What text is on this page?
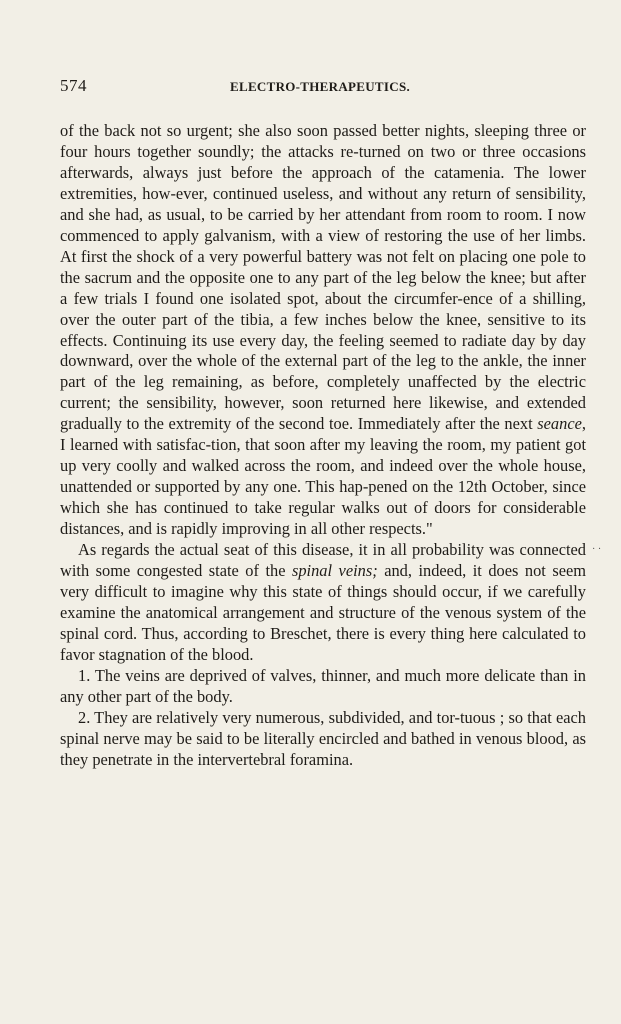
574	ELECTRO-THERAPEUTICS.

of the back not so urgent; she also soon passed better nights, sleeping three or four hours together soundly; the attacks re-turned on two or three occasions afterwards, always just before the approach of the catamenia. The lower extremities, how-ever, continued useless, and without any return of sensibility, and she had, as usual, to be carried by her attendant from room to room. I now commenced to apply galvanism, with a view of restoring the use of her limbs. At first the shock of a very powerful battery was not felt on placing one pole to the sacrum and the opposite one to any part of the leg below the knee; but after a few trials I found one isolated spot, about the circumfer-ence of a shilling, over the outer part of the tibia, a few inches below the knee, sensitive to its effects. Continuing its use every day, the feeling seemed to radiate day by day downward, over the whole of the external part of the leg to the ankle, the inner part of the leg remaining, as before, completely unaffected by the electric current; the sensibility, however, soon returned here likewise, and extended gradually to the extremity of the second toe. Immediately after the next seance, I learned with satisfac-tion, that soon after my leaving the room, my patient got up very coolly and walked across the room, and indeed over the whole house, unattended or supported by any one. This hap-pened on the 12th October, since which she has continued to take regular walks out of doors for considerable distances, and is rapidly improving in all other respects."

As regards the actual seat of this disease, it in all probability was connected with some congested state of the spinal veins; and, indeed, it does not seem very difficult to imagine why this state of things should occur, if we carefully examine the anatomical arrangement and structure of the venous system of the spinal cord. Thus, according to Breschet, there is every thing here calculated to favor stagnation of the blood.

1. The veins are deprived of valves, thinner, and much more delicate than in any other part of the body.

2. They are relatively very numerous, subdivided, and tor-tuous ; so that each spinal nerve may be said to be literally encircled and bathed in venous blood, as they penetrate in the intervertebral foramina.

· ·
